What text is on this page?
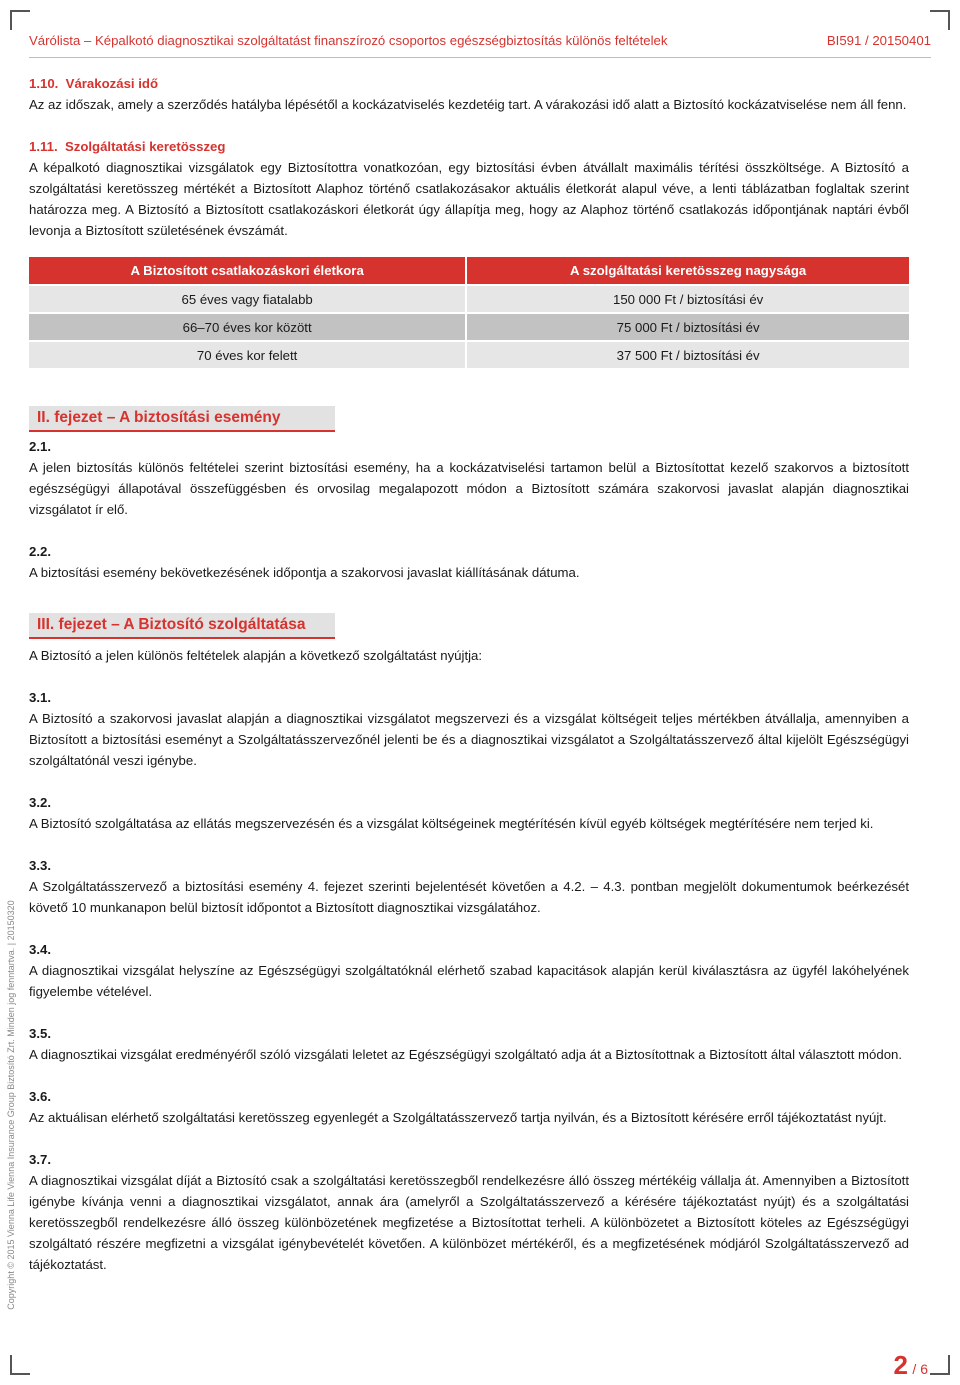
Várólista – Képalkotó diagnosztikai szolgáltatást finanszírozó csoportos egészségbiztosítás különös feltételek	BI591 / 20150401

1.10. Várakozási idő

Az az időszak, amely a szerződés hatályba lépésétől a kockázatviselés kezdetéig tart. A várakozási idő alatt a Biztosító kockázatviselése nem áll fenn.

1.11. Szolgáltatási keretösszeg

A képalkotó diagnosztikai vizsgálatok egy Biztosítottra vonatkozóan, egy biztosítási évben átvállalt maximális térítési összköltsége. A Biztosító a szolgáltatási keretösszeg mértékét a Biztosított Alaphoz történő csatlakozásakor aktuális életkorát alapul véve, a lenti táblázatban foglaltak szerint határozza meg. A Biztosító a Biztosított csatlakozáskori életkorát úgy állapítja meg, hogy az Alaphoz történő csatlakozás időpontjának naptári évből levonja a Biztosított születésének évszámát.

A Biztosított csatlakozáskori életkora	A szolgáltatási keretösszeg nagysága
65 éves vagy fiatalabb	150 000 Ft / biztosítási év
66–70 éves kor között	75 000 Ft / biztosítási év
70 éves kor felett	37 500 Ft / biztosítási év
II. fejezet – A biztosítási esemény

2.1.

A jelen biztosítás különös feltételei szerint biztosítási esemény, ha a kockázatviselési tartamon belül a Biztosítottat kezelő szakorvos a biztosított egészségügyi állapotával összefüggésben és orvosilag megalapozott módon a Biztosított számára szakorvosi javaslat alapján diagnosztikai vizsgálatot ír elő.

2.2.

A biztosítási esemény bekövetkezésének időpontja a szakorvosi javaslat kiállításának dátuma.

III. fejezet – A Biztosító szolgáltatása

A Biztosító a jelen különös feltételek alapján a következő szolgáltatást nyújtja:

3.1.

A Biztosító a szakorvosi javaslat alapján a diagnosztikai vizsgálatot megszervezi és a vizsgálat költségeit teljes mértékben átvállalja, amennyiben a Biztosított a biztosítási eseményt a Szolgáltatásszervezőnél jelenti be és a diagnosztikai vizsgálatot a Szolgáltatásszervező által kijelölt Egészségügyi szolgáltatónál veszi igénybe.

3.2.

A Biztosító szolgáltatása az ellátás megszervezésén és a vizsgálat költségeinek megtérítésén kívül egyéb költségek megtérítésére nem terjed ki.

3.3.

A Szolgáltatásszervező a biztosítási esemény 4. fejezet szerinti bejelentését követően a 4.2. – 4.3. pontban megjelölt dokumentumok beérkezését követő 10 munkanapon belül biztosít időpontot a Biztosított diagnosztikai vizsgálatához.

3.4.

A diagnosztikai vizsgálat helyszíne az Egészségügyi szolgáltatóknál elérhető szabad kapacitások alapján kerül kiválasztásra az ügyfél lakóhelyének figyelembe vételével.

3.5.

A diagnosztikai vizsgálat eredményéről szóló vizsgálati leletet az Egészségügyi szolgáltató adja át a Biztosítottnak a Biztosított által választott módon.

3.6.

Az aktuálisan elérhető szolgáltatási keretösszeg egyenlegét a Szolgáltatásszervező tartja nyilván, és a Biztosított kérésére erről tájékoztatást nyújt.

3.7.

A diagnosztikai vizsgálat díját a Biztosító csak a szolgáltatási keretösszegből rendelkezésre álló összeg mértékéig vállalja át. Amennyiben a Biztosított igénybe kívánja venni a diagnosztikai vizsgálatot, annak ára (amelyről a Szolgáltatásszervező a kérésére tájékoztatást nyújt) és a szolgáltatási keretösszegből rendelkezésre álló összeg különbözetének megfizetése a Biztosítottat terheli. A különbözetet a Biztosított köteles az Egészségügyi szolgáltató részére megfizetni a vizsgálat igénybevételét követően. A különbözet mértékéről, és a megfizetésének módjáról Szolgáltatásszervező ad tájékoztatást.

Copyright © 2015 Vienna Life Vienna Insurance Group Biztosító Zrt. Minden jog fenntartva. | 20150320
2 / 6
